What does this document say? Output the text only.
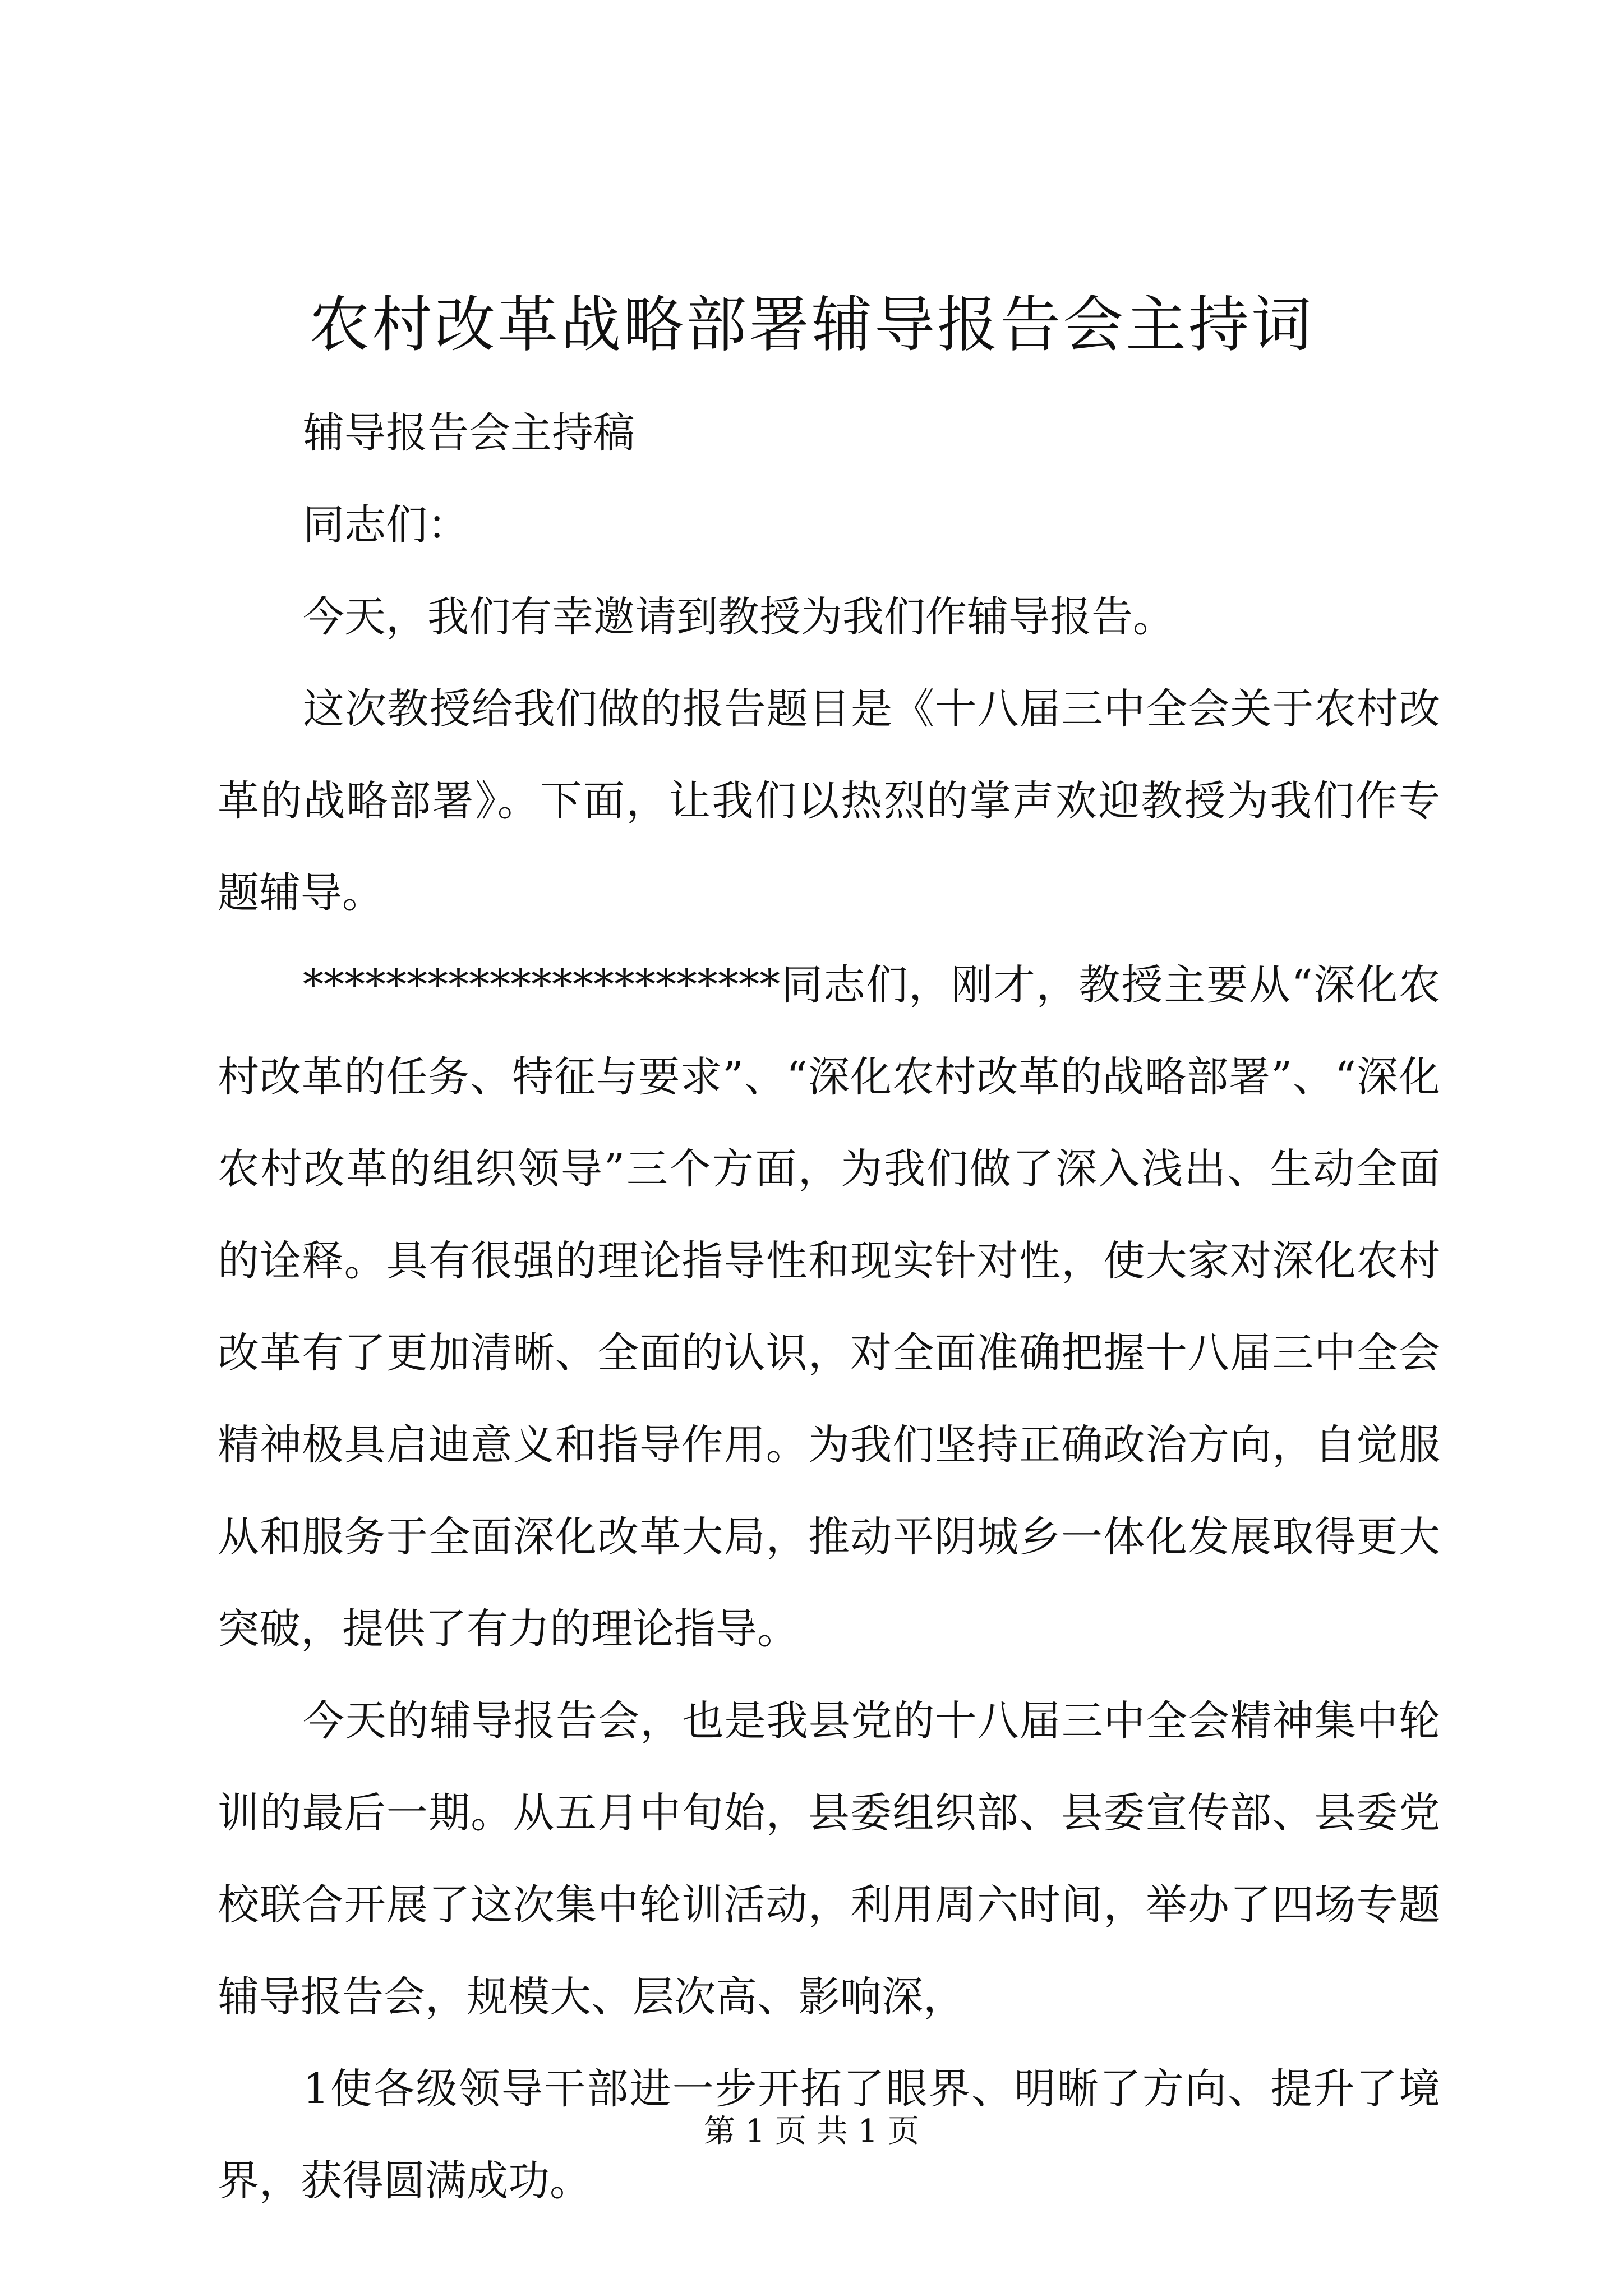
农村改革战略部署辅导报告会主持词

辅导报告会主持稿

同志们：

今天，我们有幸邀请到教授为我们作辅导报告。

这次教授给我们做的报告题目是《十八届三中全会关于农村改革的战略部署》。下面，让我们以热烈的掌声欢迎教授为我们作专题辅导。

***********************同志们，刚才，教授主要从“深化农村改革的任务、特征与要求”、“深化农村改革的战略部署”、“深化农村改革的组织领导”三个方面，为我们做了深入浅出、生动全面的诠释。具有很强的理论指导性和现实针对性，使大家对深化农村改革有了更加清晰、全面的认识，对全面准确把握十八届三中全会精神极具启迪意义和指导作用。为我们坚持正确政治方向，自觉服从和服务于全面深化改革大局，推动平阴城乡一体化发展取得更大突破，提供了有力的理论指导。

今天的辅导报告会，也是我县党的十八届三中全会精神集中轮训的最后一期。从五月中旬始，县委组织部、县委宣传部、县委党校联合开展了这次集中轮训活动，利用周六时间，举办了四场专题辅导报告会，规模大、层次高、影响深，

1使各级领导干部进一步开拓了眼界、明晰了方向、提升了境界，获得圆满成功。

第 1 页 共 1 页
